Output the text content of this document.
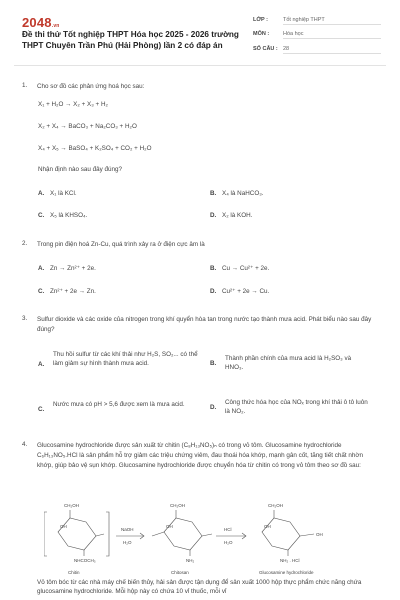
2048.vn
Đề thi thử Tốt nghiệp THPT Hóa học 2025 - 2026 trường THPT Chuyên Trần Phú (Hải Phòng) lần 2 có đáp án
LỚP :	Tốt nghiệp THPT
MÔN :	Hóa học
SỐ CÂU : 28
1. Cho sơ đồ các phản ứng hoá học sau:
X₁ + H₂O → X₂ + X₃ + H₂
X₂ + X₄ → BaCO₃ + Na₂CO₃ + H₂O
X₄ + X₅ → BaSO₄ + K₂SO₄ + CO₂ + H₂O
Nhận định nào sau đây đúng?
A. X₁ là KCl.	B. X₄ là NaHCO₃.
C. X₅ là KHSO₄.	D. X₂ là KOH.
2. Trong pin điện hoá Zn-Cu, quá trình xảy ra ở điện cực âm là
A. Zn → Zn²⁺ + 2e.	B. Cu → Cu²⁺ + 2e.
C. Zn²⁺ + 2e → Zn.	D. Cu²⁺ + 2e → Cu.
3. Sulfur dioxide và các oxide của nitrogen trong khí quyển hòa tan trong nước tạo thành mưa acid. Phát biểu nào sau đây đúng?
A.
Thu hồi sulfur từ các khí thải như H₂S, SO₂... có thể làm giảm sự hình thành mưa acid.	B.
Thành phần chính của mưa acid là H₂SO₃ và HNO₃.
C.
Nước mưa có pH > 5,6 được xem là mưa acid.	D.
Công thức hóa học của NOₓ trong khí thải ô tô luôn là NO₂.
4. Glucosamine hydrochloride được sản xuất từ chitin (C₈H₁₃NO₅)ₙ có trong vỏ tôm. Glucosamine hydrochloride C₆H₁₃NO₅.HCl là sản phẩm hỗ trợ giảm các triệu chứng viêm, đau thoái hóa khớp, mạnh gân cốt, tăng tiết chất nhờn khớp, giúp bảo vệ sụn khớp. Glucosamine hydrochloride được chuyển hóa từ chitin có trong vỏ tôm theo sơ đồ sau:
CH₂OH
OH
NHCOCH₃
Chitin
NaOH
H₂O
CH₂OH
OH
NH₂
Chitosan
HCl
H₂O
CH₂OH
OH
OH
NH₂ . HCl
Glucosamine hydrochloride
Vỏ tôm bóc từ các nhà máy chế biến thủy, hải sản được tận dụng để sản xuất 1000 hộp thực phẩm chức năng chứa glucosamine hydrochloride. Mỗi hộp này có chứa 10 vỉ thuốc, mỗi vỉ
